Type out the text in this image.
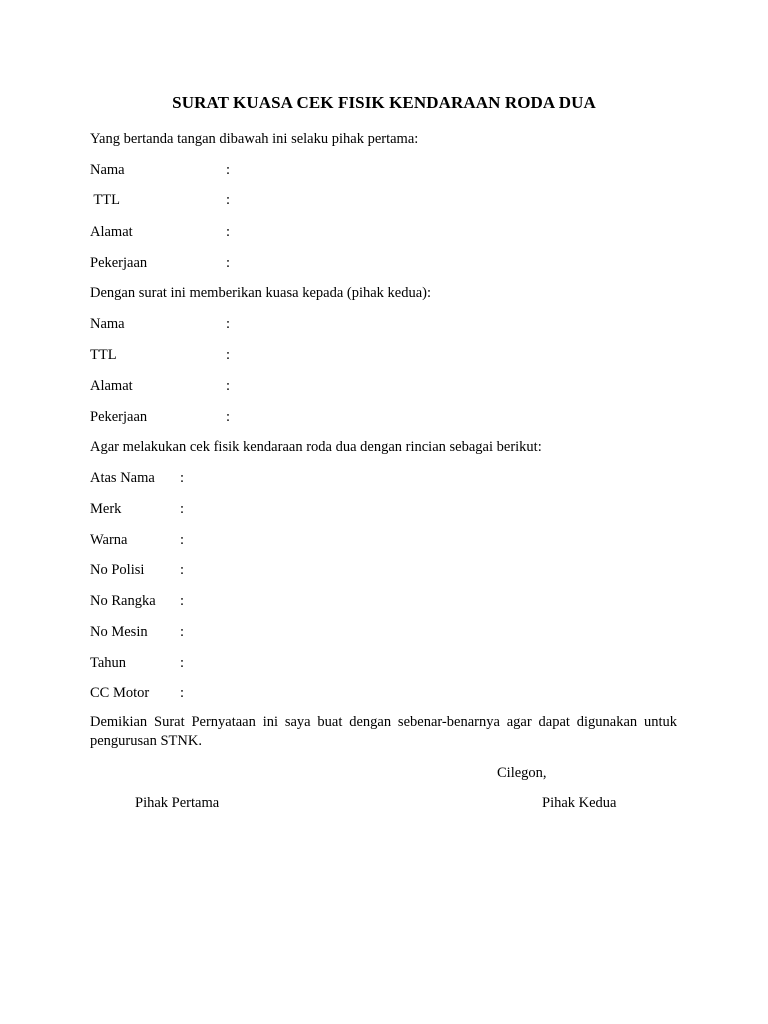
SURAT KUASA CEK FISIK KENDARAAN RODA DUA
Yang bertanda tangan dibawah ini selaku pihak pertama:
Nama	:
TTL	:
Alamat	:
Pekerjaan	:
Dengan surat ini memberikan kuasa kepada (pihak kedua):
Nama	:
TTL	:
Alamat	:
Pekerjaan	:
Agar melakukan cek fisik kendaraan roda dua dengan rincian sebagai berikut:
Atas Nama :
Merk	:
Warna	:
No Polisi :
No Rangka :
No Mesin :
Tahun	:
CC Motor :
Demikian Surat Pernyataan ini saya buat dengan sebenar-benarnya agar dapat digunakan untuk pengurusan STNK.
Cilegon,
Pihak Pertama	Pihak Kedua
